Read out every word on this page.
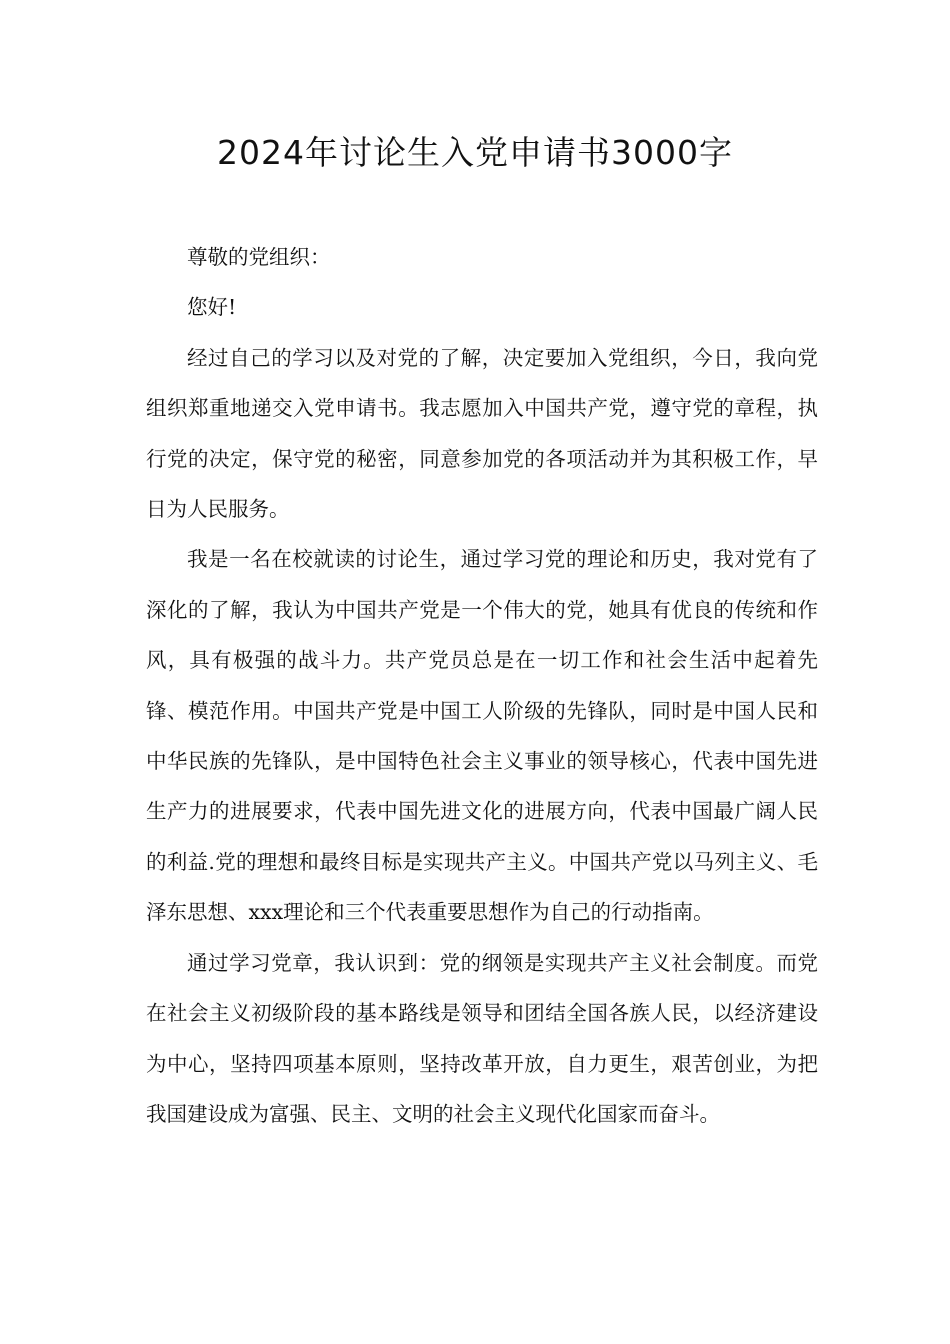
2024年讨论生入党申请书3000字

尊敬的党组织：

您好!

经过自己的学习以及对党的了解，决定要加入党组织，今日，我向党组织郑重地递交入党申请书。我志愿加入中国共产党，遵守党的章程，执行党的决定，保守党的秘密，同意参加党的各项活动并为其积极工作，早日为人民服务。

我是一名在校就读的讨论生，通过学习党的理论和历史，我对党有了深化的了解，我认为中国共产党是一个伟大的党，她具有优良的传统和作风，具有极强的战斗力。共产党员总是在一切工作和社会生活中起着先锋、模范作用。中国共产党是中国工人阶级的先锋队，同时是中国人民和中华民族的先锋队，是中国特色社会主义事业的领导核心，代表中国先进生产力的进展要求，代表中国先进文化的进展方向，代表中国最广阔人民的利益.党的理想和最终目标是实现共产主义。中国共产党以马列主义、毛泽东思想、xxx理论和三个代表重要思想作为自己的行动指南。

通过学习党章，我认识到：党的纲领是实现共产主义社会制度。而党在社会主义初级阶段的基本路线是领导和团结全国各族人民，以经济建设为中心，坚持四项基本原则，坚持改革开放，自力更生，艰苦创业，为把我国建设成为富强、民主、文明的社会主义现代化国家而奋斗。
